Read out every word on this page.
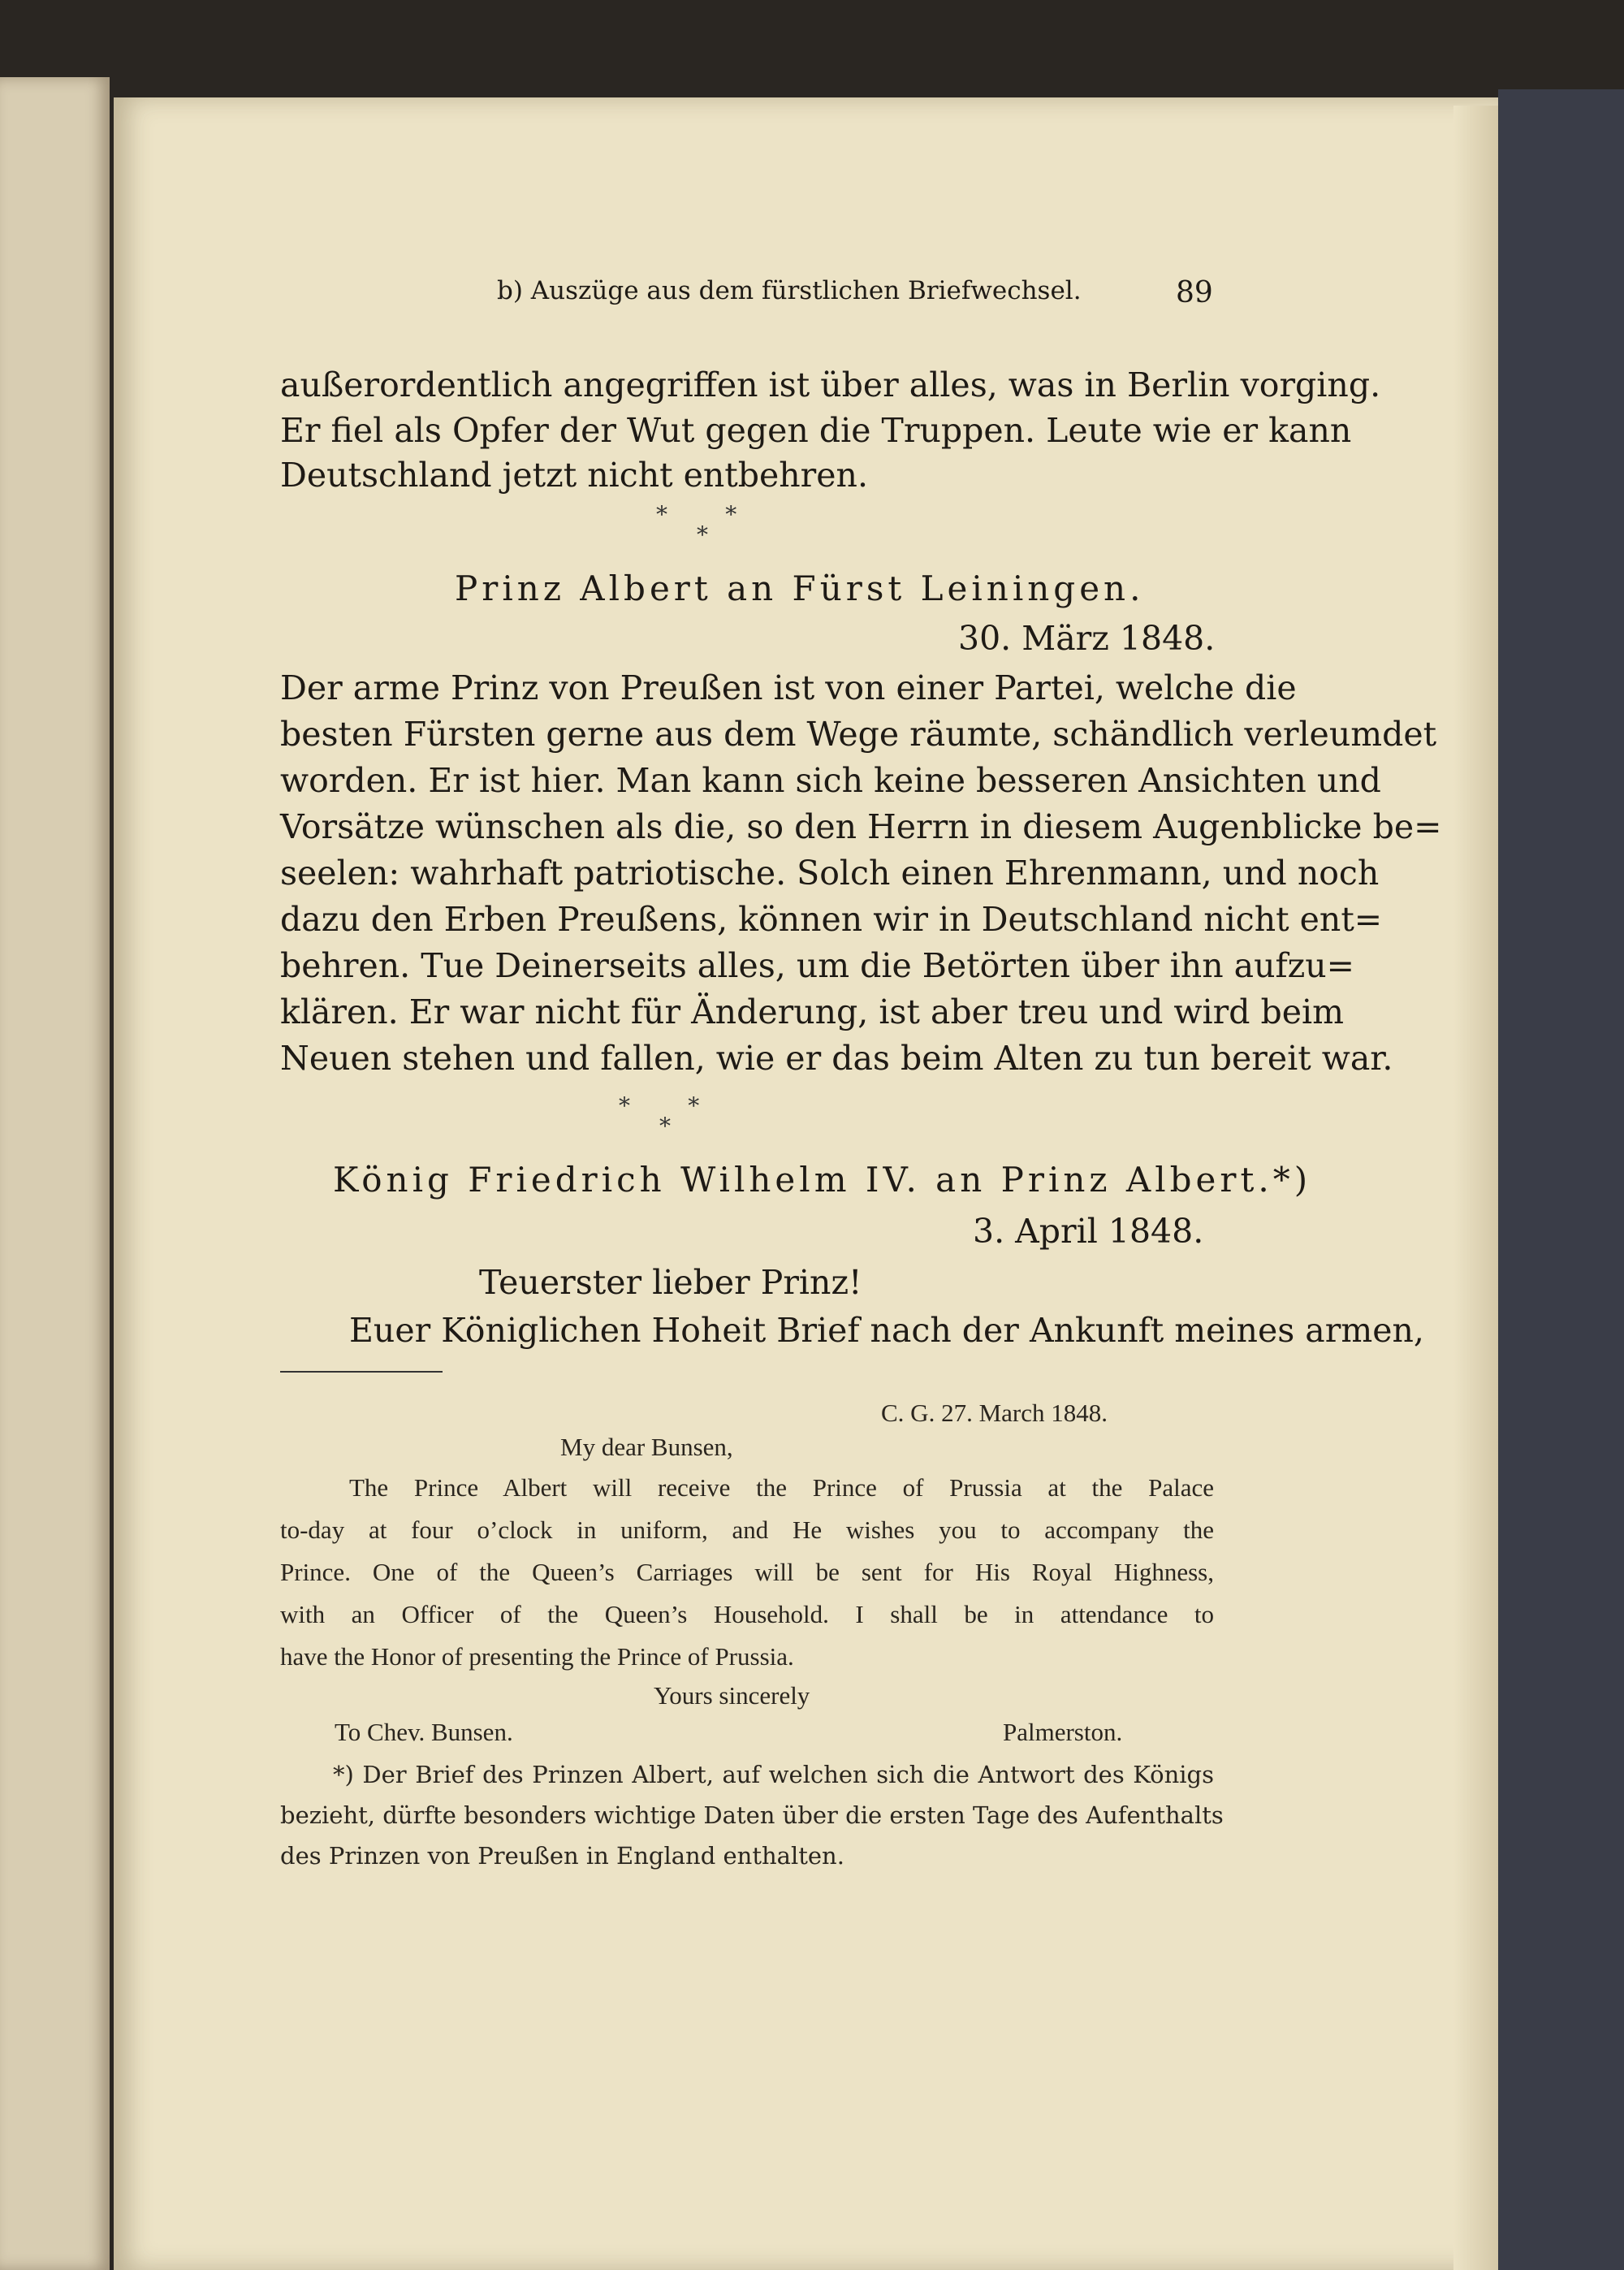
b) Auszüge aus dem fürstlichen Briefwechsel.	89

außerordentlich angegriffen ist über alles, was in Berlin vorging.

Er fiel als Opfer der Wut gegen die Truppen. Leute wie er kann

Deutschland jetzt nicht entbehren.

*        *
*

Prinz Albert an Fürst Leiningen.

30. März 1848.

Der arme Prinz von Preußen ist von einer Partei, welche die

besten Fürsten gerne aus dem Wege räumte, schändlich verleumdet

worden. Er ist hier. Man kann sich keine besseren Ansichten und

Vorsätze wünschen als die, so den Herrn in diesem Augenblicke be=

seelen: wahrhaft patriotische. Solch einen Ehrenmann, und noch

dazu den Erben Preußens, können wir in Deutschland nicht ent=

behren. Tue Deinerseits alles, um die Betörten über ihn aufzu=

klären. Er war nicht für Änderung, ist aber treu und wird beim

Neuen stehen und fallen, wie er das beim Alten zu tun bereit war.

*        *
*

König Friedrich Wilhelm IV. an Prinz Albert.*)

3. April 1848.

Teuerster lieber Prinz!

Euer Königlichen Hoheit Brief nach der Ankunft meines armen,

C. G. 27. March 1848.

My dear Bunsen,

The Prince Albert will receive the Prince of Prussia at the Palace

to-day at four o’clock in uniform, and He wishes you to accompany the

Prince. One of the Queen’s Carriages will be sent for His Royal Highness,

with an Officer of the Queen’s Household. I shall be in attendance to

have the Honor of presenting the Prince of Prussia.

Yours sincerely

To Chev. Bunsen.	Palmerston.

*) Der Brief des Prinzen Albert, auf welchen sich die Antwort des Königs

bezieht, dürfte besonders wichtige Daten über die ersten Tage des Aufenthalts

des Prinzen von Preußen in England enthalten.
